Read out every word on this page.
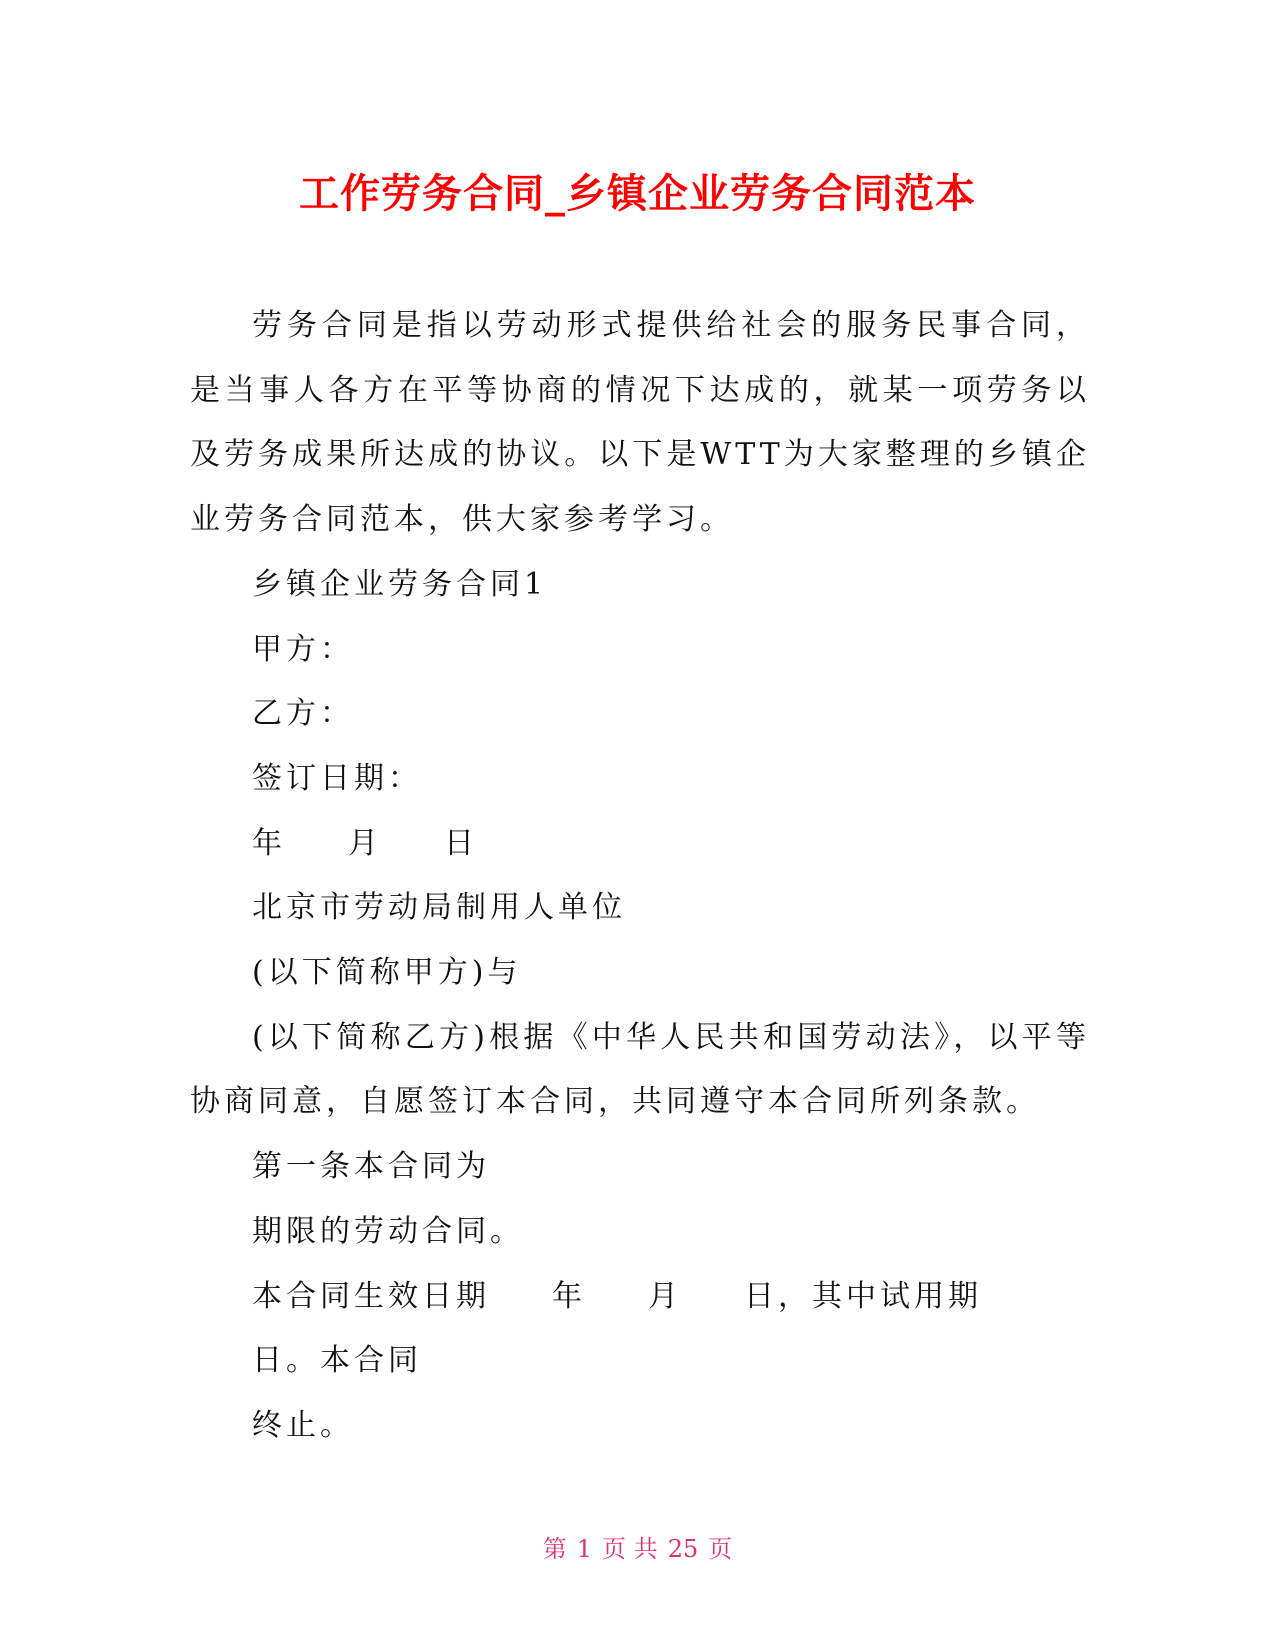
工作劳务合同_乡镇企业劳务合同范本

劳务合同是指以劳动形式提供给社会的服务民事合同，是当事人各方在平等协商的情况下达成的，就某一项劳务以及劳务成果所达成的协议。以下是WTT为大家整理的乡镇企业劳务合同范本，供大家参考学习。

乡镇企业劳务合同1

甲方：

乙方：

签订日期：

年 月 日

北京市劳动局制用人单位

(以下简称甲方)与

(以下简称乙方)根据《中华人民共和国劳动法》，以平等协商同意，自愿签订本合同，共同遵守本合同所列条款。

第一条本合同为

期限的劳动合同。

本合同生效日期 年 月 日，其中试用期

日。本合同

终止。

第 1 页 共 25 页
